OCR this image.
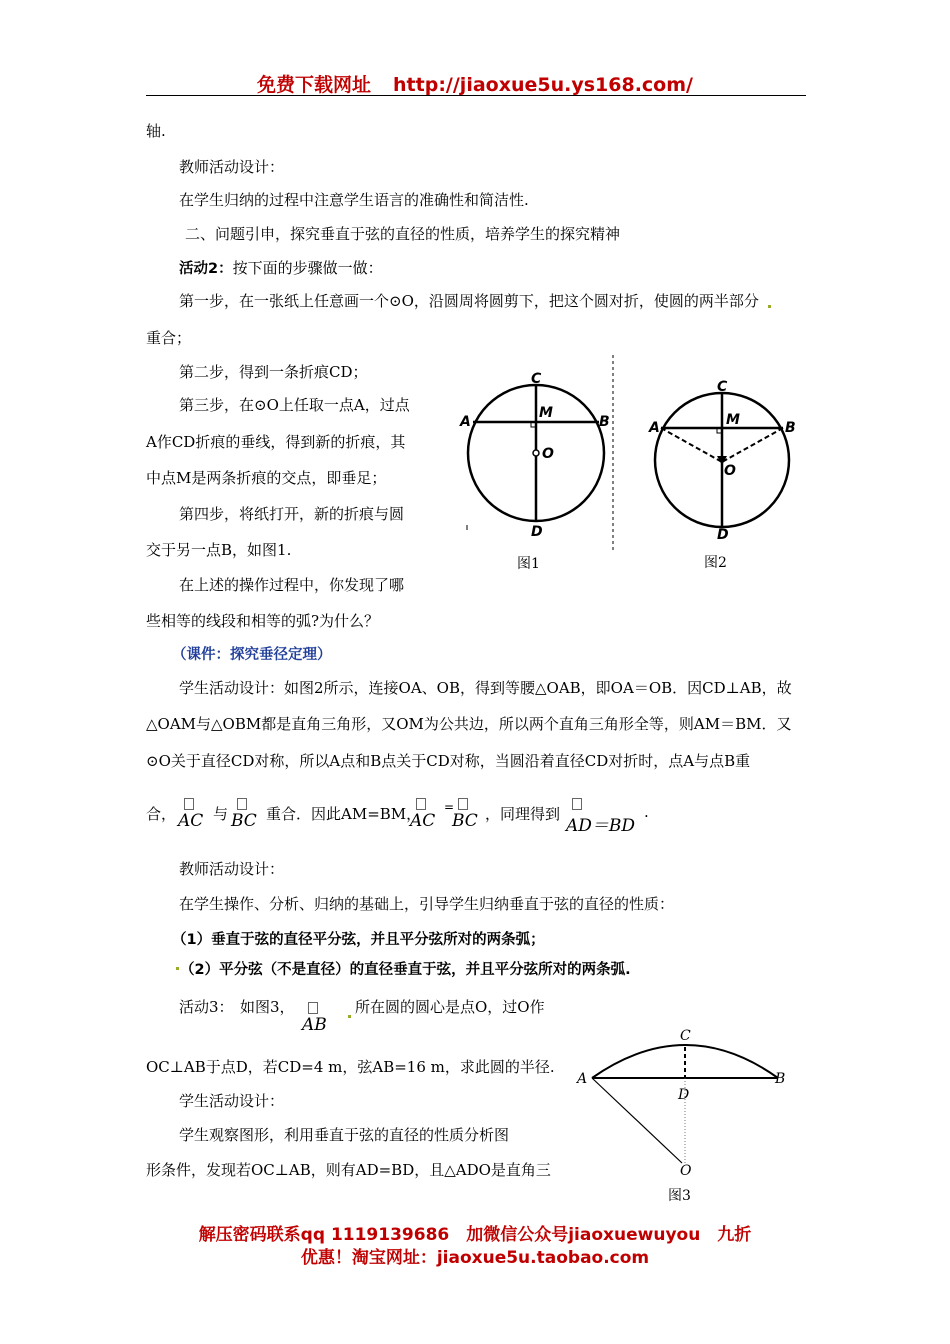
免费下载网址 http://jiaoxue5u.ys168.com/
轴.
教师活动设计：
在学生归纳的过程中注意学生语言的准确性和简洁性.
二、问题引申，探究垂直于弦的直径的性质，培养学生的探究精神
活动2：按下面的步骤做一做：
第一步，在一张纸上任意画一个⊙O，沿圆周将圆剪下，把这个圆对折，使圆的两半部分
重合；
第二步，得到一条折痕CD；
第三步，在⊙O上任取一点A，过点
A作CD折痕的垂线，得到新的折痕，其
中点M是两条折痕的交点，即垂足；
第四步，将纸打开，新的折痕与圆
交于另一点B，如图1.
在上述的操作过程中，你发现了哪
些相等的线段和相等的弧?为什么？
（课件：探究垂径定理）
学生活动设计：如图2所示，连接OA、OB，得到等腰△OAB，即OA＝OB．因CD⊥AB，故
△OAM与△OBM都是直角三角形，又OM为公共边，所以两个直角三角形全等，则AM＝BM．又
⊙O关于直径CD对称，所以A点和B点关于CD对称，当圆沿着直径CD对折时，点A与点B重
合， AC 与 BC 重合．因此AM=BM，
AC
=
BC ，同理得到
AD＝BD
.
教师活动设计：
在学生操作、分析、归纳的基础上，引导学生归纳垂直于弦的直径的性质：
（1）垂直于弦的直径平分弦，并且平分弦所对的两条弧；
（2）平分弦（不是直径）的直径垂直于弦，并且平分弦所对的两条弧.
活动3： 如图3，
AB
所在圆的圆心是点O，过O作
OC⊥AB于点D，若CD=4 m，弦AB=16 m，求此圆的半径.
学生活动设计：
学生观察图形，利用垂直于弦的直径的性质分析图
形条件，发现若OC⊥AB，则有AD=BD，且△ADO是直角三
C
A	B
M
O
D
图1
C
A	B
M
O
D
图2
C
A	B
D
O
图3
解压密码联系qq 1119139686　加微信公众号jiaoxuewuyou　九折
优惠！淘宝网址：jiaoxue5u.taobao.com
